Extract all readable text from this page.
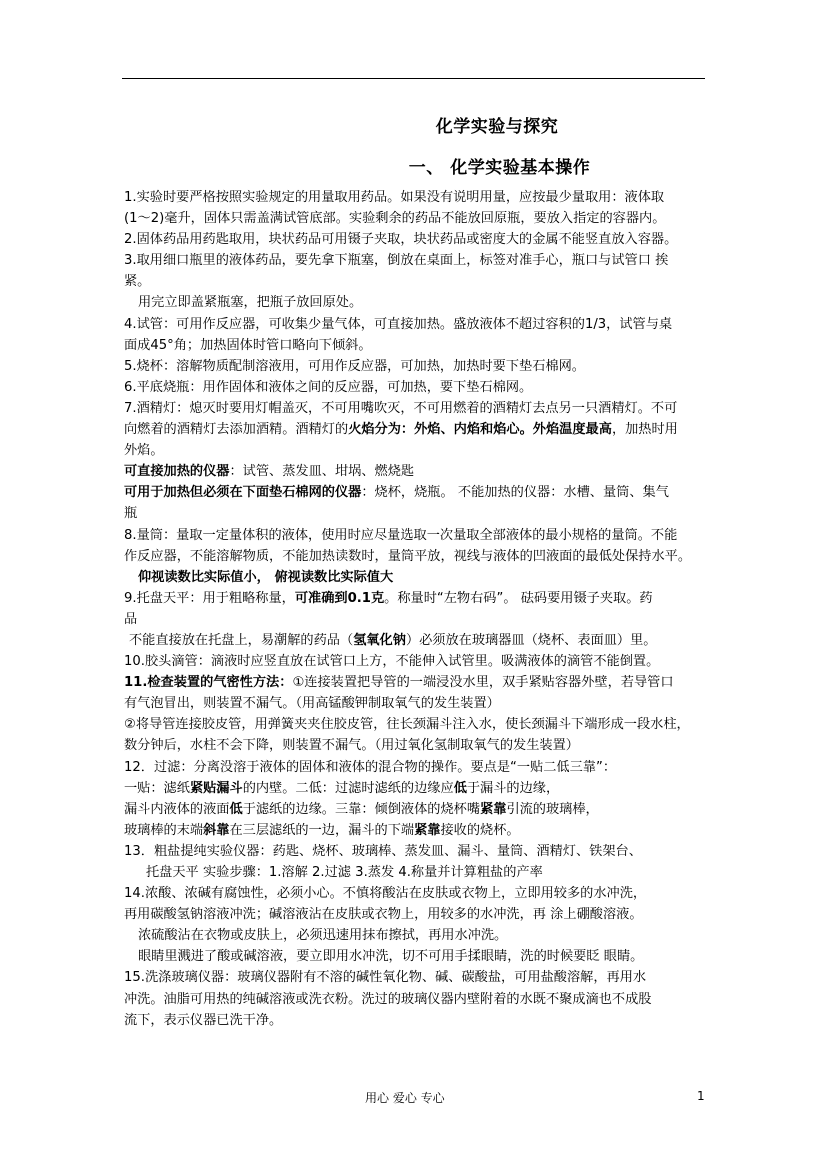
化学实验与探究
一、 化学实验基本操作

1.实验时要严格按照实验规定的用量取用药品。如果没有说明用量，应按最少量取用：液体取

(1～2)毫升，固体只需盖满试管底部。实验剩余的药品不能放回原瓶，要放入指定的容器内。

2.固体药品用药匙取用，块状药品可用镊子夹取，块状药品或密度大的金属不能竖直放入容器。

3.取用细口瓶里的液体药品，要先拿下瓶塞，倒放在桌面上，标签对准手心，瓶口与试管口 挨

紧。

用完立即盖紧瓶塞，把瓶子放回原处。

4.试管：可用作反应器，可收集少量气体，可直接加热。盛放液体不超过容积的1/3，试管与桌

面成45°角；加热固体时管口略向下倾斜。

5.烧杯：溶解物质配制溶液用，可用作反应器，可加热，加热时要下垫石棉网。

6.平底烧瓶：用作固体和液体之间的反应器，可加热，要下垫石棉网。

7.酒精灯：熄灭时要用灯帽盖灭，不可用嘴吹灭，不可用燃着的酒精灯去点另一只酒精灯。不可

向燃着的酒精灯去添加酒精。酒精灯的火焰分为：外焰、内焰和焰心。外焰温度最高，加热时用

外焰。

可直接加热的仪器：试管、蒸发皿、坩埚、燃烧匙

可用于加热但必须在下面垫石棉网的仪器：烧杯，烧瓶。 不能加热的仪器：水槽、量筒、集气

瓶

8.量筒：量取一定量体积的液体，使用时应尽量选取一次量取全部液体的最小规格的量筒。不能

作反应器，不能溶解物质，不能加热读数时，量筒平放，视线与液体的凹液面的最低处保持水平。

仰视读数比实际值小， 俯视读数比实际值大

9.托盘天平：用于粗略称量，可准确到0.1克。称量时“左物右码”。 砝码要用镊子夹取。药

品

不能直接放在托盘上，易潮解的药品（氢氧化钠）必须放在玻璃器皿（烧杯、表面皿）里。

10.胶头滴管：滴液时应竖直放在试管口上方，不能伸入试管里。吸满液体的滴管不能倒置。

11.检查装置的气密性方法：①连接装置把导管的一端浸没水里，双手紧贴容器外壁，若导管口

有气泡冒出，则装置不漏气。（用高锰酸钾制取氧气的发生装置）

②将导管连接胶皮管，用弹簧夹夹住胶皮管，往长颈漏斗注入水，使长颈漏斗下端形成一段水柱，

数分钟后，水柱不会下降，则装置不漏气。（用过氧化氢制取氧气的发生装置）

12．过滤：分离没溶于液体的固体和液体的混合物的操作。要点是“一贴二低三靠”：

一贴：滤纸紧贴漏斗的内壁。二低：过滤时滤纸的边缘应低于漏斗的边缘，

漏斗内液体的液面低于滤纸的边缘。三靠：倾倒液体的烧杯嘴紧靠引流的玻璃棒，

玻璃棒的末端斜靠在三层滤纸的一边，漏斗的下端紧靠接收的烧杯。

13．粗盐提纯实验仪器：药匙、烧杯、玻璃棒、蒸发皿、漏斗、量筒、酒精灯、铁架台、

托盘天平 实验步骤：1.溶解 2.过滤 3.蒸发 4.称量并计算粗盐的产率

14.浓酸、浓碱有腐蚀性，必须小心。不慎将酸沾在皮肤或衣物上，立即用较多的水冲洗，

再用碳酸氢钠溶液冲洗；碱溶液沾在皮肤或衣物上，用较多的水冲洗，再 涂上硼酸溶液。

浓硫酸沾在衣物或皮肤上，必须迅速用抹布擦拭，再用水冲洗。

眼睛里溅进了酸或碱溶液，要立即用水冲洗，切不可用手揉眼睛，洗的时候要眨 眼睛。

15.洗涤玻璃仪器：玻璃仪器附有不溶的碱性氧化物、碱、碳酸盐，可用盐酸溶解，再用水

冲洗。油脂可用热的纯碱溶液或洗衣粉。洗过的玻璃仪器内壁附着的水既不聚成滴也不成股

流下，表示仪器已洗干净。

用心 爱心 专心	1
